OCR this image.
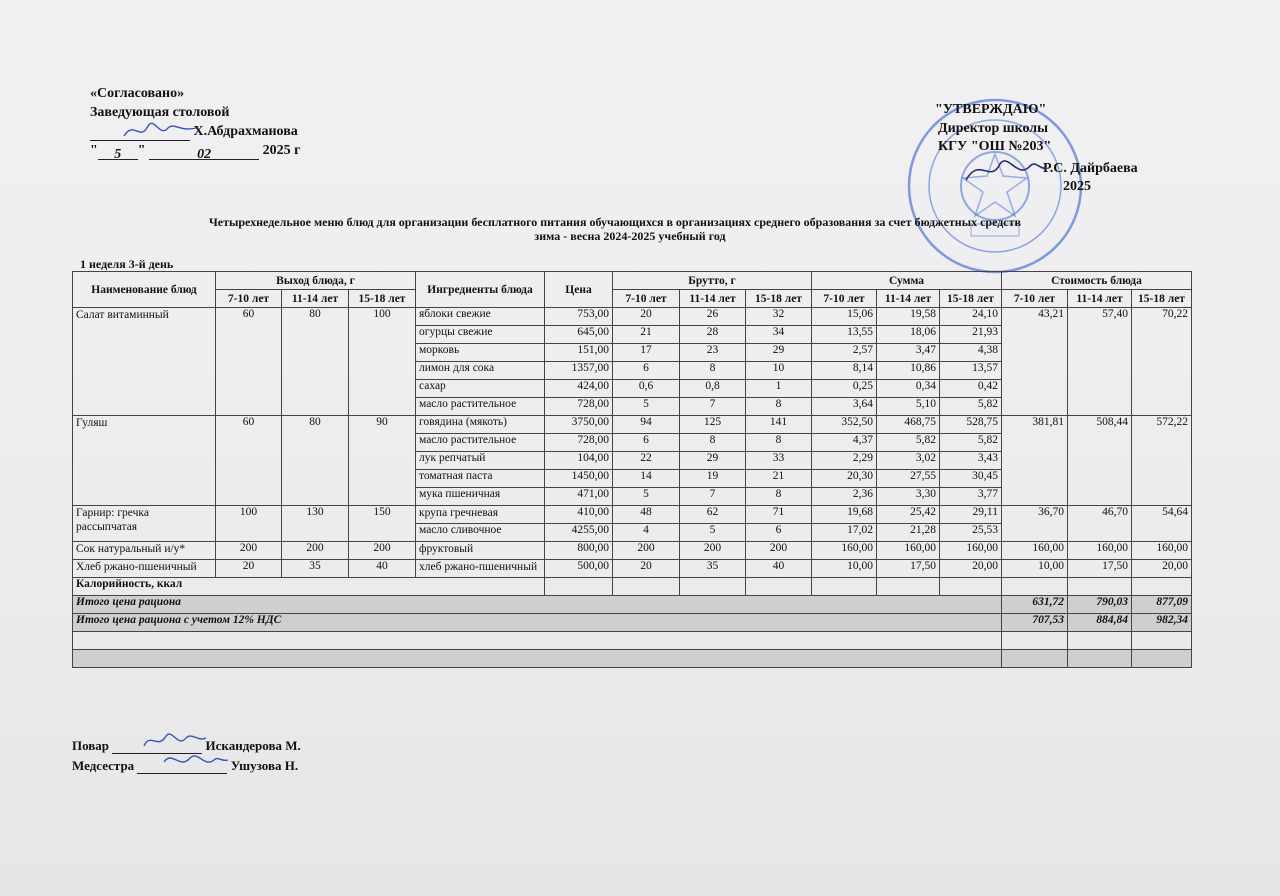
«Согласовано»
Заведующая столовой
Х.Абдрахманова
" 5 "	02	2025 г
"УТВЕРЖДАЮ"
Директор школы
КГУ "ОШ №203"
Р.С. Дайрбаева
2025
Четырехнедельное меню блюд для организации бесплатного питания обучающихся в организациях среднего образования за счет бюджетных средств
зима - весна 2024-2025 учебный год
1 неделя 3-й день
Наименование блюд	Выход блюда, г			Ингредиенты блюда	Цена	Брутто, г			Сумма			Стоимость блюда		
	7-10 лет	11-14 лет	15-18 лет			7-10 лет	11-14 лет	15-18 лет	7-10 лет	11-14 лет	15-18 лет	7-10 лет	11-14 лет	15-18 лет
Салат витаминный	60	80	100	яблоки свежие	753,00	20	26	32	15,06	19,58	24,10	43,21	57,40	70,22
				огурцы свежие	645,00	21	28	34	13,55	18,06	21,93			
				морковь	151,00	17	23	29	2,57	3,47	4,38			
				лимон для сока	1357,00	6	8	10	8,14	10,86	13,57			
				сахар	424,00	0,6	0,8	1	0,25	0,34	0,42			
				масло растительное	728,00	5	7	8	3,64	5,10	5,82			
Гуляш	60	80	90	говядина (мякоть)	3750,00	94	125	141	352,50	468,75	528,75	381,81	508,44	572,22
				масло растительное	728,00	6	8	8	4,37	5,82	5,82			
				лук репчатый	104,00	22	29	33	2,29	3,02	3,43			
				томатная паста	1450,00	14	19	21	20,30	27,55	30,45			
				мука пшеничная	471,00	5	7	8	2,36	3,30	3,77			
Гарнир: гречка рассыпчатая	100	130	150	крупа гречневая	410,00	48	62	71	19,68	25,42	29,11	36,70	46,70	54,64
				масло сливочное	4255,00	4	5	6	17,02	21,28	25,53			
Сок натуральный и/у*	200	200	200	фруктовый	800,00	200	200	200	160,00	160,00	160,00	160,00	160,00	160,00
Хлеб ржано-пшеничный	20	35	40	хлеб ржано-пшеничный	500,00	20	35	40	10,00	17,50	20,00	10,00	17,50	20,00
Калорийность, ккал														
Итого цена рациона												631,72	790,03	877,09
Итого цена рациона с учетом 12% НДС												707,53	884,84	982,34

Повар	Искандерова М.
Медсестра	Ушузова Н.
